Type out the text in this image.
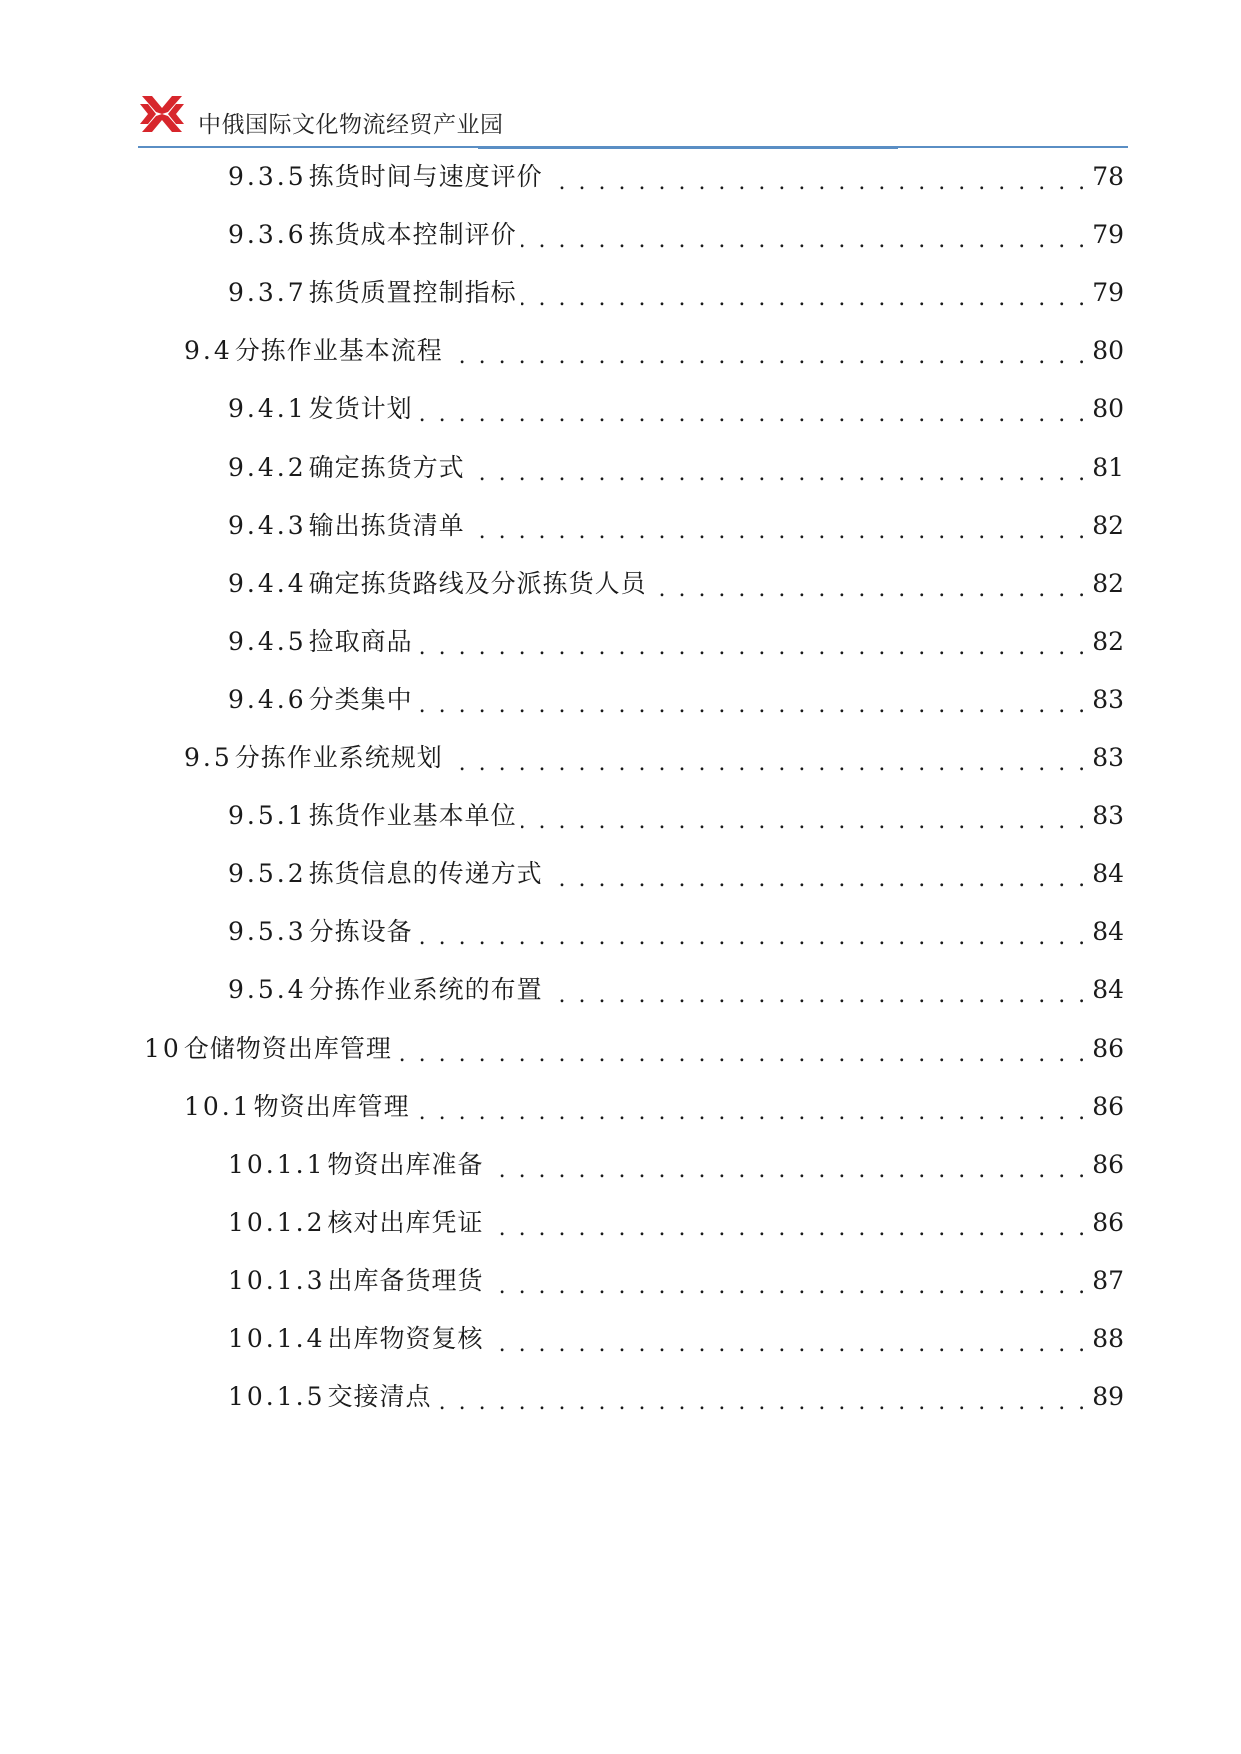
中俄国际文化物流经贸产业园
9.3.5 拣货时间与速度评价 . . .	78
9.3.6 拣货成本控制评价 . . .	79
9.3.7 拣货质置控制指标 . . .	79
9.4 分拣作业基本流程 . . .	80
9.4.1 发货计划 . . .	80
9.4.2 确定拣货方式 . . .	81
9.4.3 输出拣货清单 . . .	82
9.4.4 确定拣货路线及分派拣货人员 . . .	82
9.4.5 捡取商品 . . .	82
9.4.6 分类集中 . . .	83
9.5 分拣作业系统规划 . . .	83
9.5.1 拣货作业基本单位 . . .	83
9.5.2 拣货信息的传递方式 . . .	84
9.5.3 分拣设备 . . .	84
9.5.4 分拣作业系统的布置 . . .	84
10 仓储物资出库管理 . . .	86
10.1 物资出库管理 . . .	86
10.1.1 物资出库准备 . . .	86
10.1.2 核对出库凭证 . . .	86
10.1.3 出库备货理货 . . .	87
10.1.4 出库物资复核 . . .	88
10.1.5 交接清点 . . .	89
